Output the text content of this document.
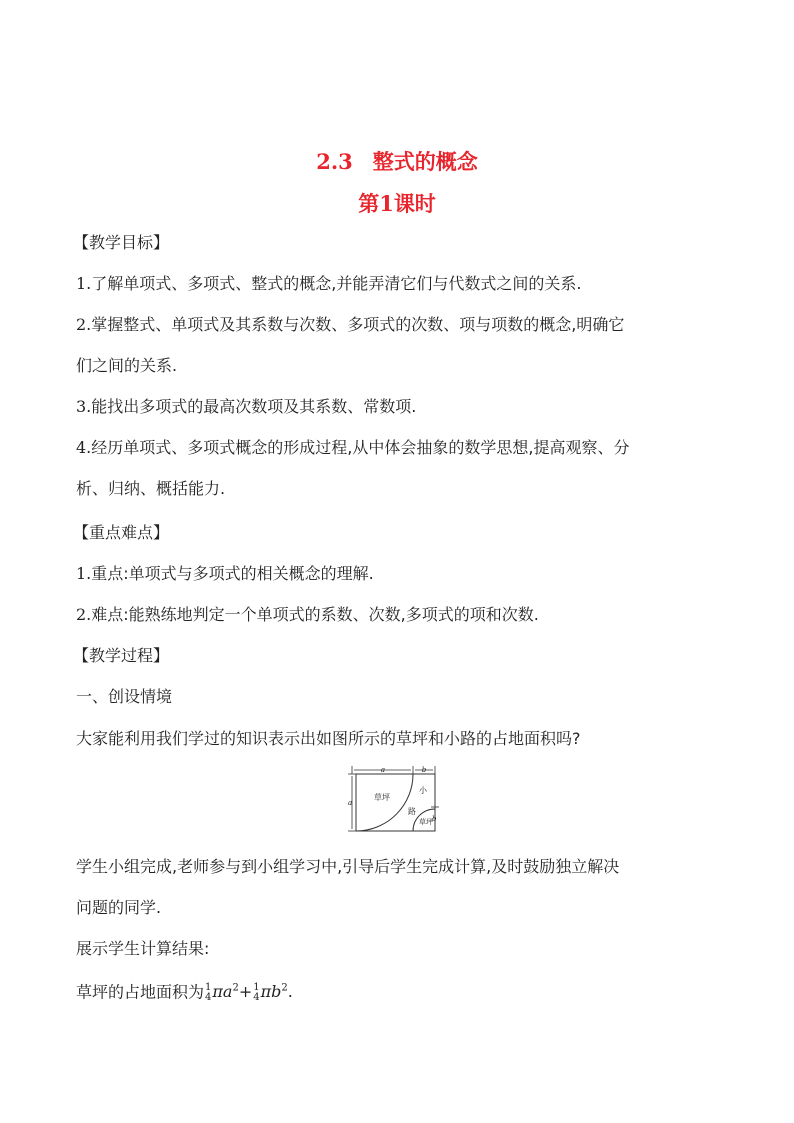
2.3 整式的概念
第1课时
【教学目标】
1.了解单项式、多项式、整式的概念,并能弄清它们与代数式之间的关系.
2.掌握整式、单项式及其系数与次数、多项式的次数、项与项数的概念,明确它
们之间的关系.
3.能找出多项式的最高次数项及其系数、常数项.
4.经历单项式、多项式概念的形成过程,从中体会抽象的数学思想,提高观察、分
析、归纳、概括能力.
【重点难点】
1.重点:单项式与多项式的相关概念的理解.
2.难点:能熟练地判定一个单项式的系数、次数,多项式的项和次数.
【教学过程】
一、创设情境
大家能利用我们学过的知识表示出如图所示的草坪和小路的占地面积吗?
a	b
a
b
草坪
小
路
草坪
学生小组完成,老师参与到小组学习中,引导后学生完成计算,及时鼓励独立解决
问题的同学.
展示学生计算结果:
草坪的占地面积为 1
4 $\pi a^2+ 1$
4 $\pi b^2$.
